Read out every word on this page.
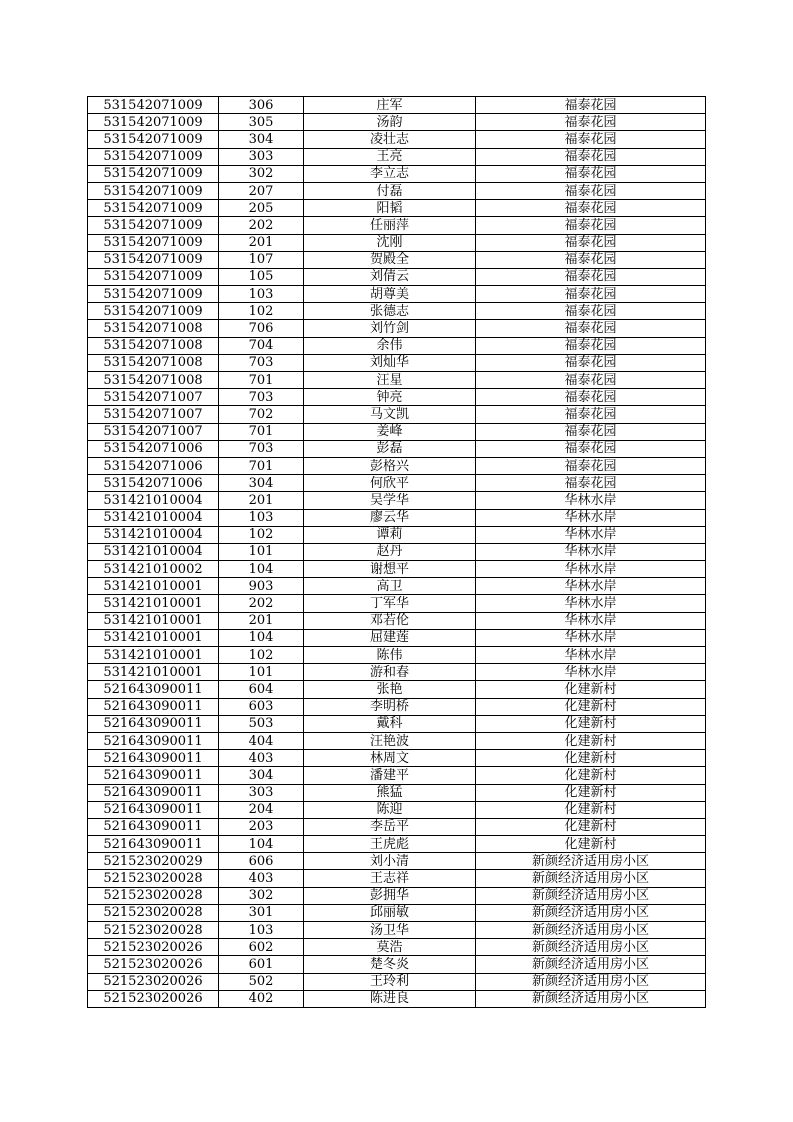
531542071009	306	庄军	福泰花园
531542071009	305	汤韵	福泰花园
531542071009	304	凌壮志	福泰花园
531542071009	303	王亮	福泰花园
531542071009	302	李立志	福泰花园
531542071009	207	付磊	福泰花园
531542071009	205	阳韬	福泰花园
531542071009	202	任丽萍	福泰花园
531542071009	201	沈刚	福泰花园
531542071009	107	贺殿全	福泰花园
531542071009	105	刘倩云	福泰花园
531542071009	103	胡尊美	福泰花园
531542071009	102	张德志	福泰花园
531542071008	706	刘竹剑	福泰花园
531542071008	704	余伟	福泰花园
531542071008	703	刘灿华	福泰花园
531542071008	701	汪星	福泰花园
531542071007	703	钟亮	福泰花园
531542071007	702	马文凯	福泰花园
531542071007	701	姜峰	福泰花园
531542071006	703	彭磊	福泰花园
531542071006	701	彭格兴	福泰花园
531542071006	304	何欣平	福泰花园
531421010004	201	吴学华	华林水岸
531421010004	103	廖云华	华林水岸
531421010004	102	谭莉	华林水岸
531421010004	101	赵丹	华林水岸
531421010002	104	谢想平	华林水岸
531421010001	903	高卫	华林水岸
531421010001	202	丁军华	华林水岸
531421010001	201	邓若伦	华林水岸
531421010001	104	屈建莲	华林水岸
531421010001	102	陈伟	华林水岸
531421010001	101	游和春	华林水岸
521643090011	604	张艳	化建新村
521643090011	603	李明桥	化建新村
521643090011	503	戴科	化建新村
521643090011	404	汪艳波	化建新村
521643090011	403	林周文	化建新村
521643090011	304	潘建平	化建新村
521643090011	303	熊猛	化建新村
521643090011	204	陈迎	化建新村
521643090011	203	李岳平	化建新村
521643090011	104	王虎彪	化建新村
521523020029	606	刘小清	新颜经济适用房小区
521523020028	403	王志祥	新颜经济适用房小区
521523020028	302	彭拥华	新颜经济适用房小区
521523020028	301	邱丽敏	新颜经济适用房小区
521523020028	103	汤卫华	新颜经济适用房小区
521523020026	602	莫浩	新颜经济适用房小区
521523020026	601	楚冬炎	新颜经济适用房小区
521523020026	502	王玲利	新颜经济适用房小区
521523020026	402	陈进良	新颜经济适用房小区
